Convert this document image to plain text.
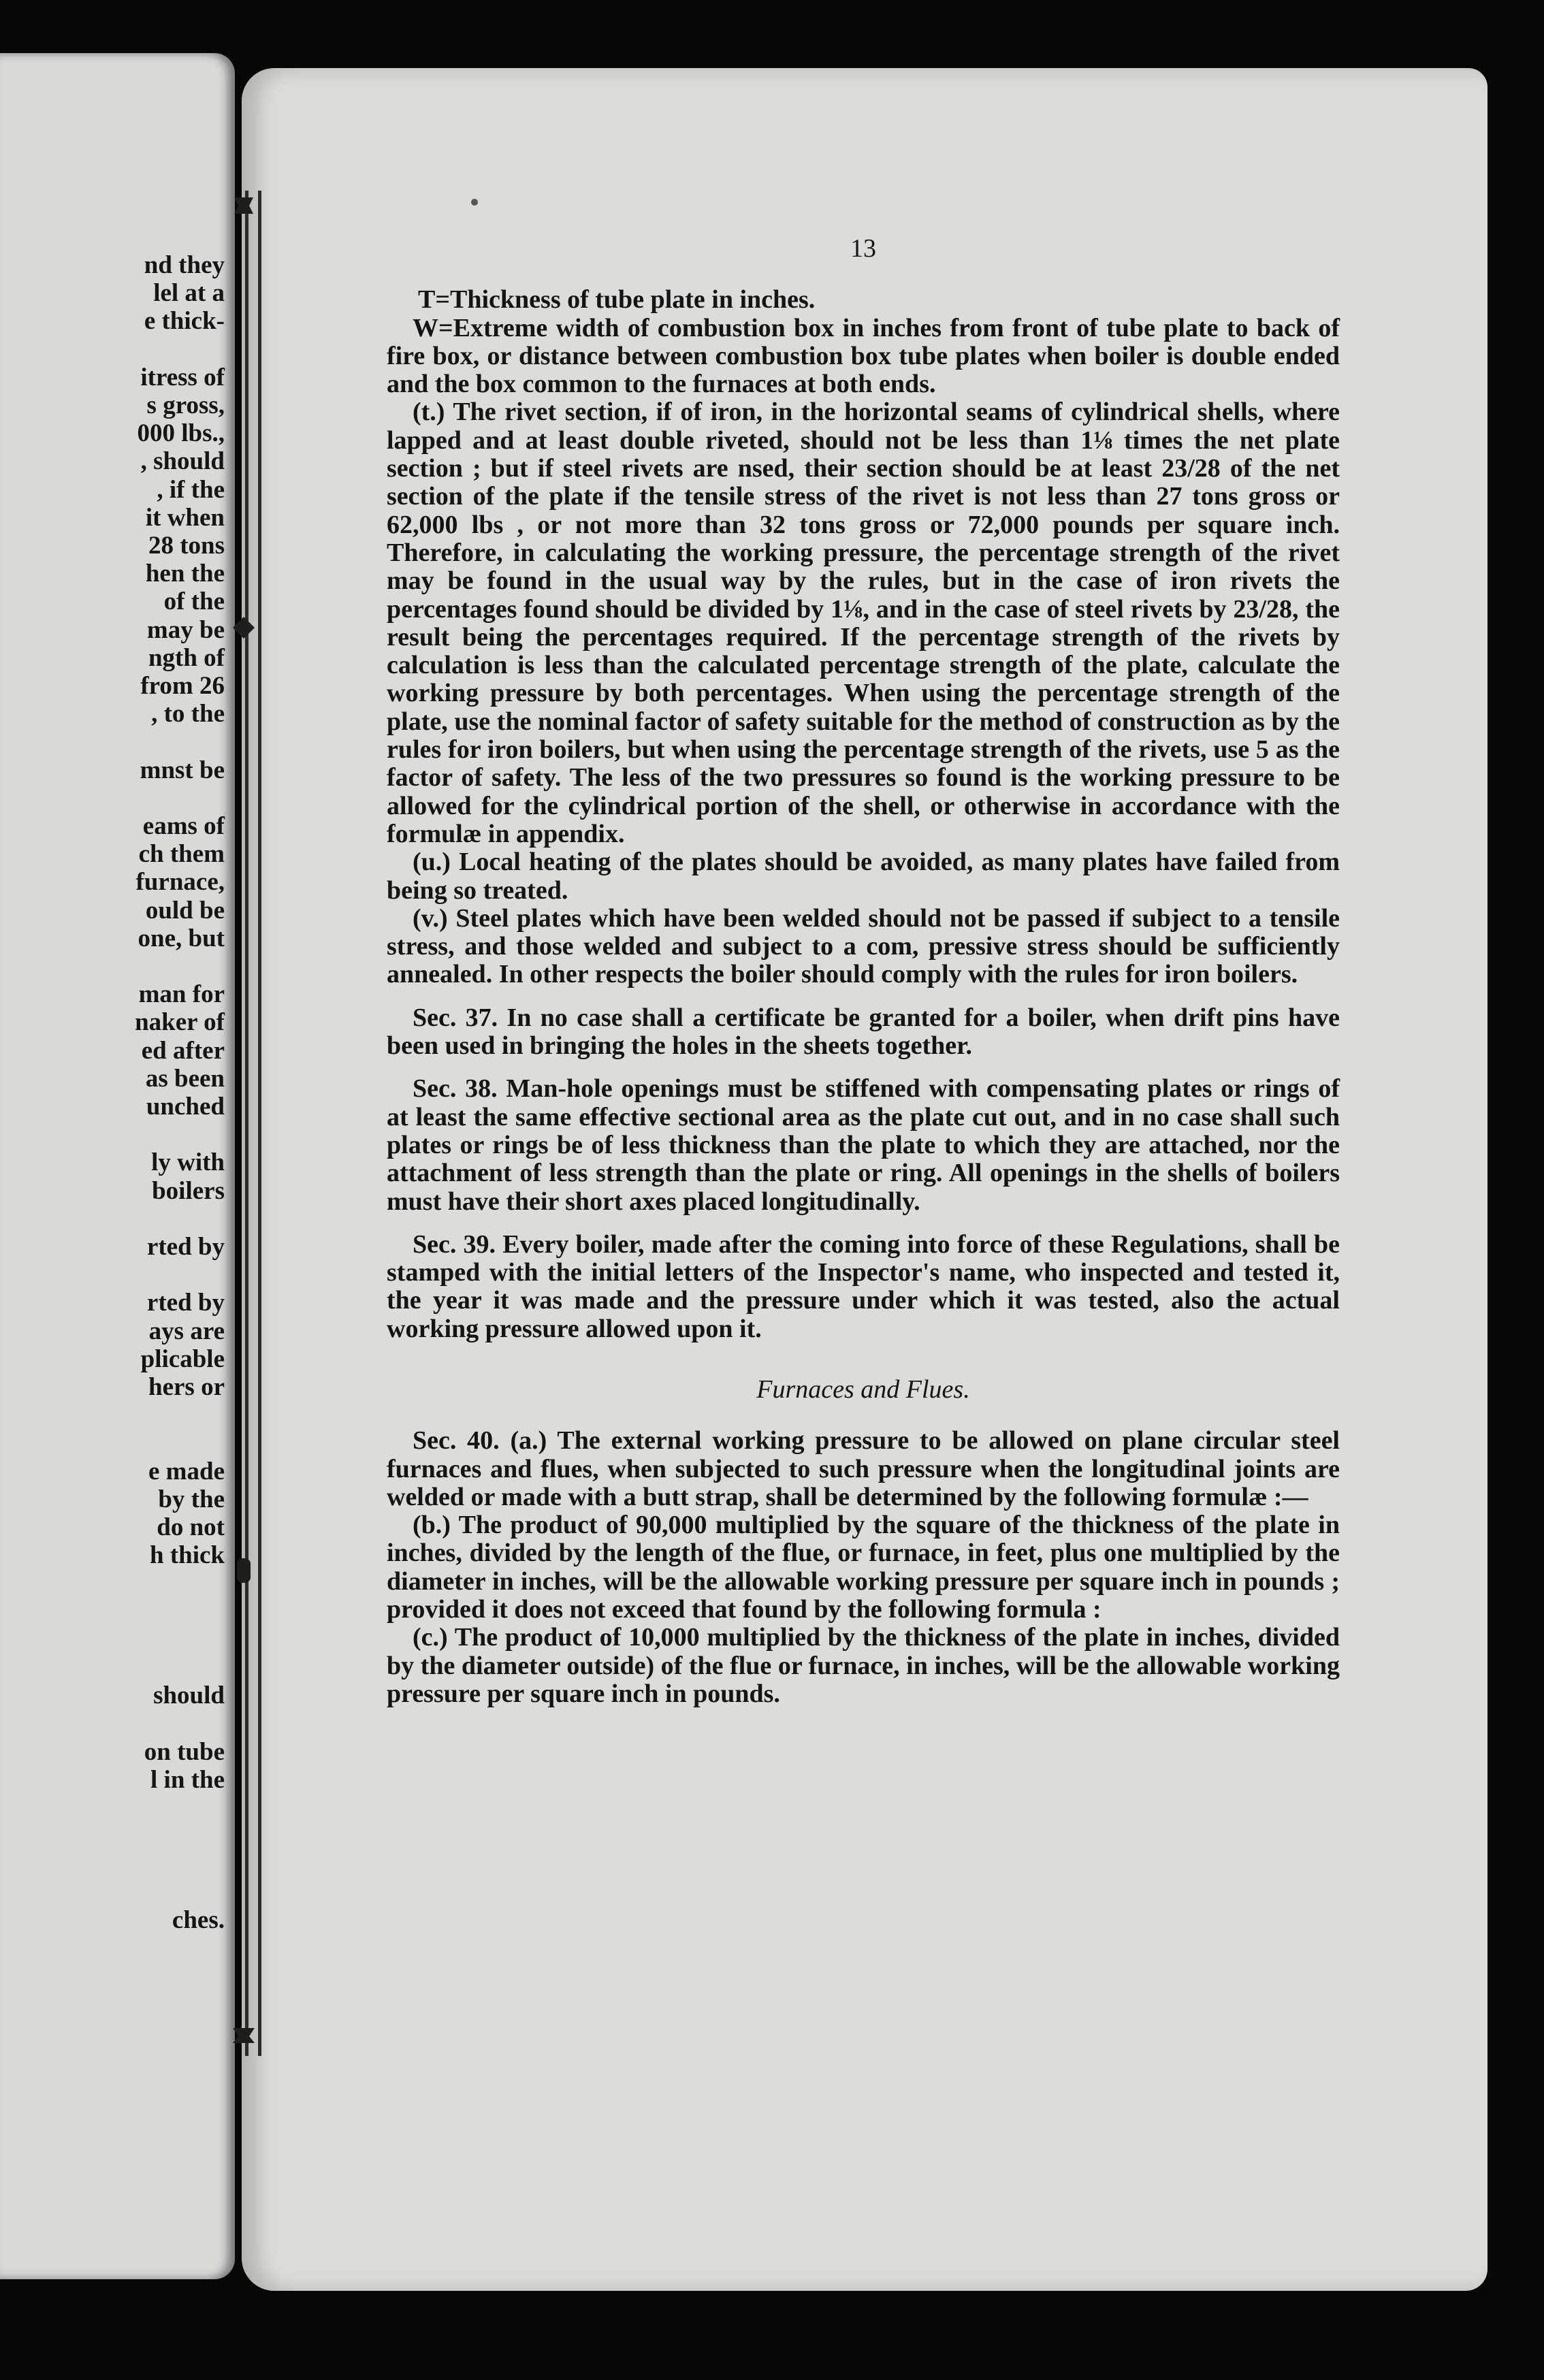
nd they
lel at a
e thick-
itress of
s gross,
000 lbs.,
, should
, if the
it when
28 tons
hen the
of the
may be
ngth of
from 26
, to the
mnst be
eams of
ch them
furnace,
ould be
one, but
man for
naker of
ed after
as been
unched
ly with
boilers
rted by
rted by
ays are
plicable
hers or
e made
by the
do not
h thick
should
on tube
l in the
ches.
13

T=Thickness of tube plate in inches.

W=Extreme width of combustion box in inches from front of tube plate to back of fire box, or distance between combustion box tube plates when boiler is double ended and the box common to the furnaces at both ends.

(t.) The rivet section, if of iron, in the horizontal seams of cylindrical shells, where lapped and at least double riveted, should not be less than 1⅛ times the net plate section ; but if steel rivets are nsed, their section should be at least 23/28 of the net section of the plate if the tensile stress of the rivet is not less than 27 tons gross or 62,000 lbs , or not more than 32 tons gross or 72,000 pounds per square inch. Therefore, in calculating the working pressure, the percentage strength of the rivet may be found in the usual way by the rules, but in the case of iron rivets the percentages found should be divided by 1⅛, and in the case of steel rivets by 23/28, the result being the percentages required. If the percentage strength of the rivets by calculation is less than the calculated percentage strength of the plate, calculate the working pressure by both percentages. When using the percentage strength of the plate, use the nominal factor of safety suitable for the method of construction as by the rules for iron boilers, but when using the percentage strength of the rivets, use 5 as the factor of safety. The less of the two pressures so found is the working pressure to be allowed for the cylindrical portion of the shell, or otherwise in accordance with the formulæ in appendix.

(u.) Local heating of the plates should be avoided, as many plates have failed from being so treated.

(v.) Steel plates which have been welded should not be passed if subject to a tensile stress, and those welded and subject to a com, pressive stress should be sufficiently annealed. In other respects the boiler should comply with the rules for iron boilers.

Sec. 37. In no case shall a certificate be granted for a boiler, when drift pins have been used in bringing the holes in the sheets together.

Sec. 38. Man-hole openings must be stiffened with compensating plates or rings of at least the same effective sectional area as the plate cut out, and in no case shall such plates or rings be of less thickness than the plate to which they are attached, nor the attachment of less strength than the plate or ring. All openings in the shells of boilers must have their short axes placed longitudinally.

Sec. 39. Every boiler, made after the coming into force of these Regulations, shall be stamped with the initial letters of the Inspector's name, who inspected and tested it, the year it was made and the pressure under which it was tested, also the actual working pressure allowed upon it.

Furnaces and Flues.

Sec. 40. (a.) The external working pressure to be allowed on plane circular steel furnaces and flues, when subjected to such pressure when the longitudinal joints are welded or made with a butt strap, shall be determined by the following formulæ :—

(b.) The product of 90,000 multiplied by the square of the thickness of the plate in inches, divided by the length of the flue, or furnace, in feet, plus one multiplied by the diameter in inches, will be the allowable working pressure per square inch in pounds ; provided it does not exceed that found by the following formula :

(c.) The product of 10,000 multiplied by the thickness of the plate in inches, divided by the diameter outside) of the flue or furnace, in inches, will be the allowable working pressure per square inch in pounds.
